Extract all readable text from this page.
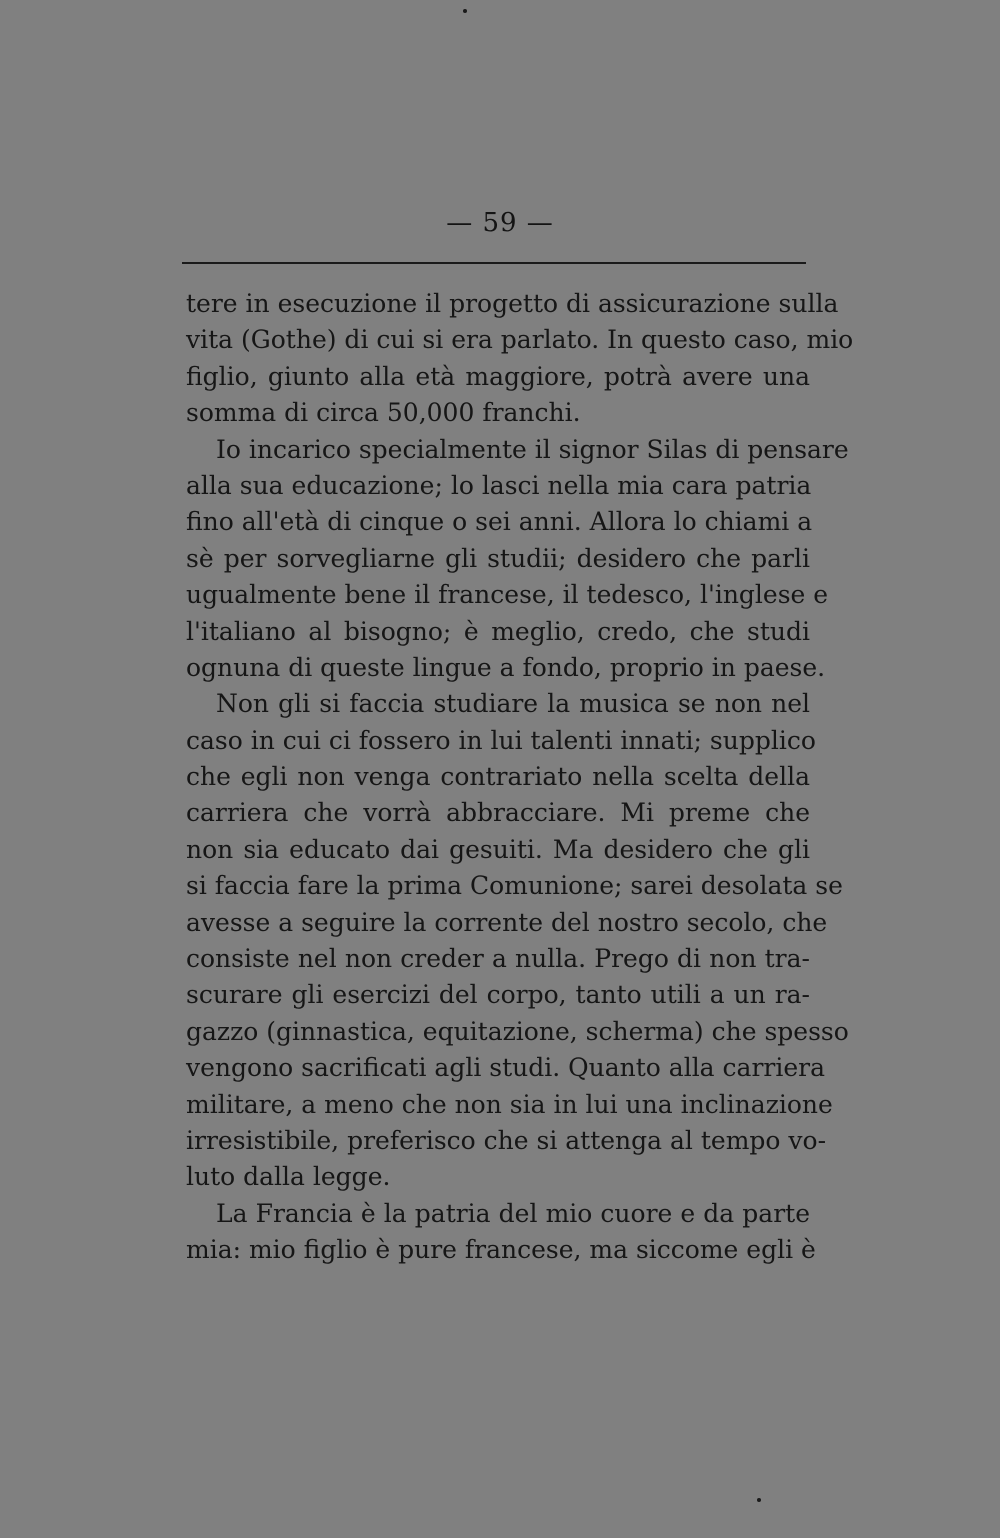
— 59 —
tere in esecuzione il progetto di assicurazione sulla
vita (Gothe) di cui si era parlato. In questo caso, mio
figlio, giunto alla età maggiore, potrà avere una
somma di circa 50,000 franchi.
Io incarico specialmente il signor Silas di pensare
alla sua educazione; lo lasci nella mia cara patria
fino all'età di cinque o sei anni. Allora lo chiami a
sè per sorvegliarne gli studii; desidero che parli
ugualmente bene il francese, il tedesco, l'inglese e
l'italiano al bisogno; è meglio, credo, che studi
ognuna di queste lingue a fondo, proprio in paese.
Non gli si faccia studiare la musica se non nel
caso in cui ci fossero in lui talenti innati; supplico
che egli non venga contrariato nella scelta della
carriera che vorrà abbracciare. Mi preme che
non sia educato dai gesuiti. Ma desidero che gli
si faccia fare la prima Comunione; sarei desolata se
avesse a seguire la corrente del nostro secolo, che
consiste nel non creder a nulla. Prego di non tra-
scurare gli esercizi del corpo, tanto utili a un ra-
gazzo (ginnastica, equitazione, scherma) che spesso
vengono sacrificati agli studi. Quanto alla carriera
militare, a meno che non sia in lui una inclinazione
irresistibile, preferisco che si attenga al tempo vo-
luto dalla legge.
La Francia è la patria del mio cuore e da parte
mia: mio figlio è pure francese, ma siccome egli è
